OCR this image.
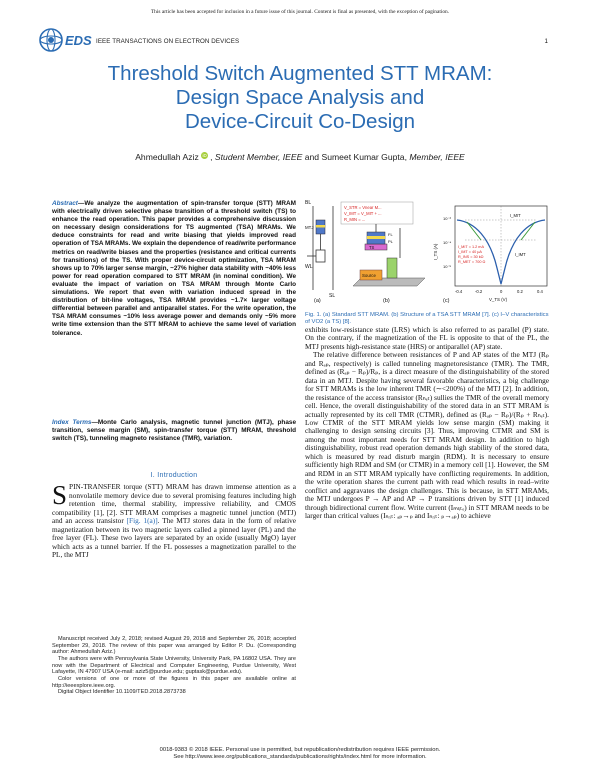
This article has been accepted for inclusion in a future issue of this journal. Content is final as presented, with the exception of pagination.
EDS IEEE TRANSACTIONS ON ELECTRON DEVICES	1
Threshold Switch Augmented STT MRAM:
Design Space Analysis and
Device-Circuit Co-Design
Ahmedullah Aziz iD , Student Member, IEEE and Sumeet Kumar Gupta, Member, IEEE
Abstract—We analyze the augmentation of spin-transfer torque (STT) MRAM with electrically driven selective phase transition of a threshold switch (TS) to enhance the read operation. This paper provides a comprehensive discussion on necessary design considerations for TS augmented (TSA) MRAMs. We deduce constraints for read and write biasing that yields improved read operation of TSA MRAMs. We explain the dependence of read/write performance metrics on read/write biases and the properties (resistance and critical currents for transitions) of the TS. With proper device-circuit optimization, TSA MRAM shows up to 70% larger sense margin, ~27% higher data stability with ~40% less power for read operation compared to STT MRAM (in nominal condition). We evaluate the impact of variation on TSA MRAM through Monte Carlo simulations. We report that even with variation induced spread in the distribution of bit-line voltages, TSA MRAM provides ~1.7× larger voltage differential between parallel and antiparallel states. For the write operation, the TSA MRAM consumes ~10% less average power and demands only ~5% more write time extension than the STT MRAM to achieve the same level of variation tolerance.
Index Terms—Monte Carlo analysis, magnetic tunnel junction (MTJ), phase transition, sense margin (SM), spin-transfer torque (STT) MRAM, threshold switch (TS), tunneling magneto resistance (TMR), variation.
I. Introduction
SPIN-TRANSFER torque (STT) MRAM has drawn immense attention as a nonvolatile memory device due to several promising features including high retention time, thermal stability, impressive reliability, and CMOS compatibility [1], [2]. STT MRAM comprises a magnetic tunnel junction (MTJ) and an access transistor [Fig. 1(a)]. The MTJ stores data in the form of relative magnetization between its two magnetic layers called a pinned layer (PL) and the free layer (FL). These two layers are separated by an oxide (usually MgO) layer which acts as a tunnel barrier. If the FL possesses a magnetization parallel to the PL, the MTJ

Manuscript received July 2, 2018; revised August 29, 2018 and September 26, 2018; accepted September 29, 2018. The review of this paper was arranged by Editor P. Du. (Corresponding author: Ahmedullah Aziz.)

The authors were with Pennsylvania State University, University Park, PA 16802 USA. They are now with the Department of Electrical and Computer Engineering, Purdue University, West Lafayette, IN 47907 USA (e-mail: aziz5@purdue.edu; guptask@purdue.edu).

Color versions of one or more of the figures in this paper are available online at http://ieeexplore.ieee.org.

Digital Object Identifier 10.1109/TED.2018.2873738

BL
MTJ
WL
SL
(a)
V_STR = Vnear M...
V_IMT = V_MIT + ...
R_MIN = ...
Source
TS
FL
PL
(b)
I_MIT
I_IMT
I_MIT = 1.2 mA
I_IMT = 40 μA
R_INS = 30 kΩ
R_MET = 700 Ω
10⁻³
10⁻⁴
10⁻⁵
-0.4	-0.2	0	0.2	0.4
V_TS (V)
I_TS (A)
(c)
Fig. 1. (a) Standard STT MRAM. (b) Structure of a TSA STT MRAM [7]. (c) I–V characteristics of VO2 (a TS) [8].

exhibits low-resistance state (LRS) which is also referred to as parallel (P) state. On the contrary, if the magnetization of the FL is opposite to that of the PL, the MTJ presents high-resistance state (HRS) or antiparallel (AP) state.

The relative difference between resistances of P and AP states of the MTJ (Rₚ and Rₐₚ, respectively) is called tunneling magnetoresistance (TMR). The TMR, defined as (Rₐₚ − Rₚ)/Rₚ, is a direct measure of the distinguishability of the stored data in an MTJ. Despite having several favorable characteristics, a big challenge for STT MRAMs is the low inherent TMR (∼<200%) of the MTJ [2]. In addition, the resistance of the access transistor (Rₕₑₜ) sullies the TMR of the overall memory cell. Hence, the overall distinguishability of the stored data in an STT MRAM is actually represented by its cell TMR (CTMR), defined as (Rₐₚ − Rₚ)/(Rₚ + Rₕₑₜ). Low CTMR of the STT MRAM yields low sense margin (SM) making it challenging to design sensing circuits [3]. Thus, improving CTMR and SM is among the most important needs for STT MRAM design. In addition to high distinguishability, robust read operation demands high stability of the stored data, which is measured by read disturb margin (RDM). It is necessary to ensure sufficiently high RDM and SM (or CTMR) in a memory cell [1]. However, the SM and RDM in an STT MRAM typically have conflicting requirements. In addition, the write operation shares the current path with read which results in read–write conflict and aggravates the design challenges. This is because, in STT MRAMs, the MTJ undergoes P → AP and AP → P transitions driven by STT [1] induced through bidirectional current flow. Write current (Iₘₗᵢₜₑ) in STT MRAM needs to be larger than critical values (Iₙᵣᵢₜ: ₐₚ→ₚ and Iₙᵣᵢₜ: ₚ→ₐₚ) to achieve

0018-9383 © 2018 IEEE. Personal use is permitted, but republication/redistribution requires IEEE permission.
See http://www.ieee.org/publications_standards/publications/rights/index.html for more information.
